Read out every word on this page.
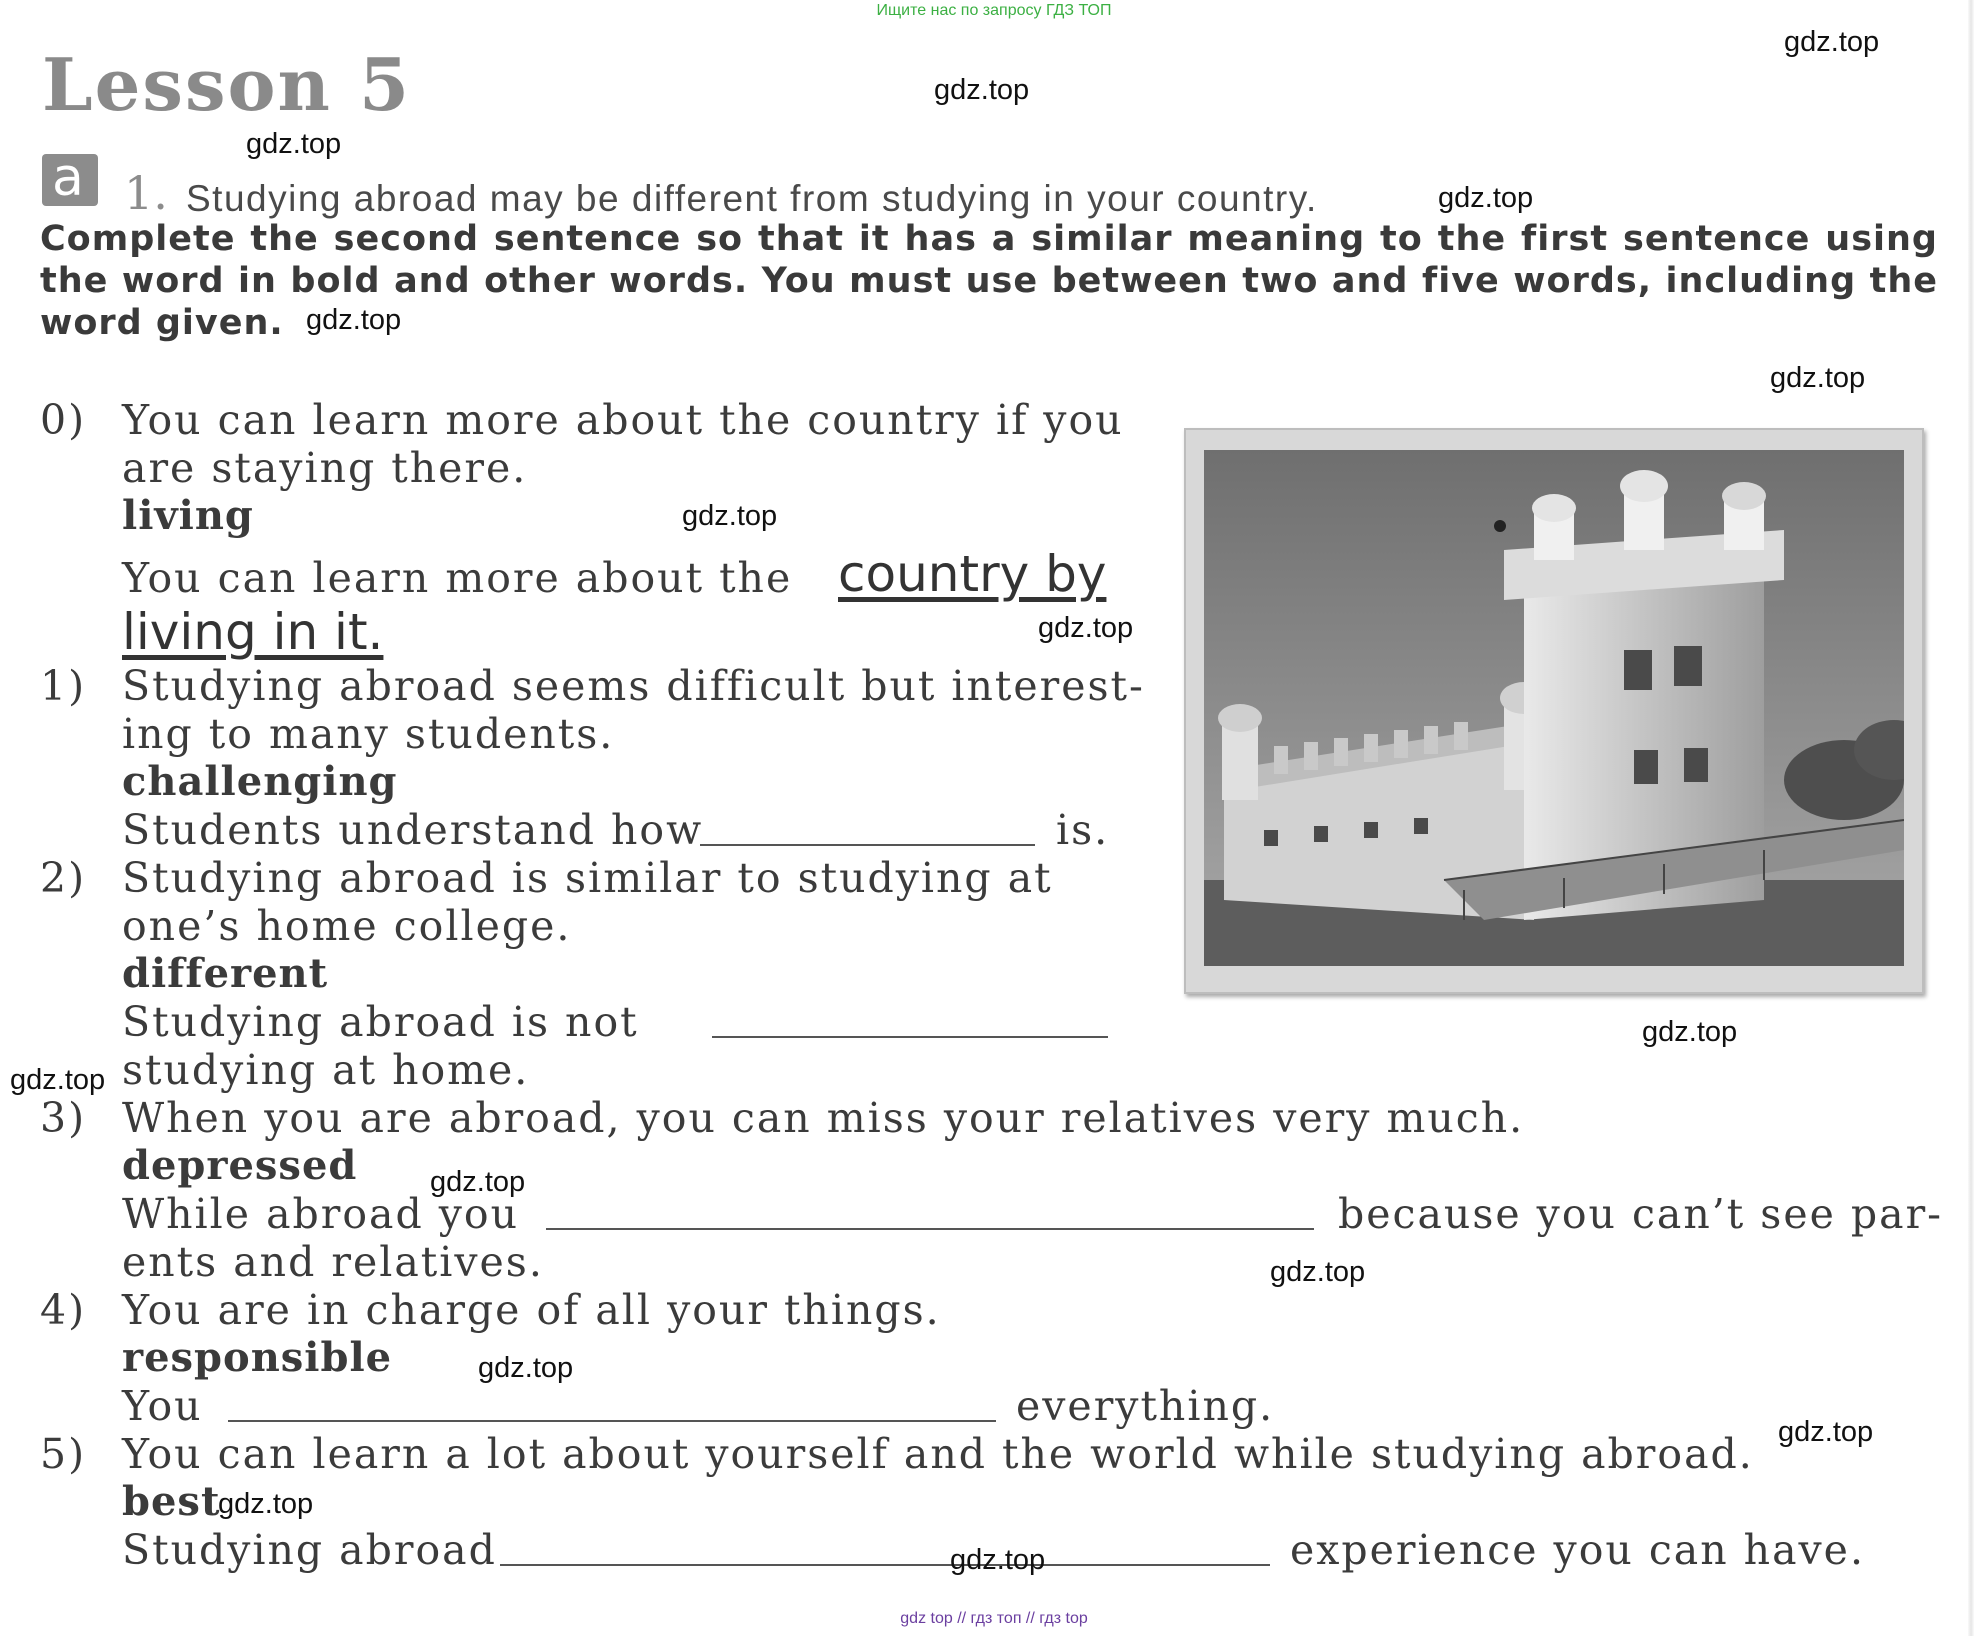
Ищите нас по запросу ГДЗ ТОП
gdz top // гдз топ // гдз top
Lesson 5
a 1. Studying abroad may be different from studying in your country.
Complete the second sentence so that it has a similar meaning to the first sentence using the word in bold and other words. You must use between two and five words, including the word given.
0) You can learn more about the country if you
are staying there.
living
You can learn more about the country by
living in it.
1) Studying abroad seems difficult but interest-
ing to many students.
challenging
Students understand how	is.
2) Studying abroad is similar to studying at
one’s home college.
different
Studying abroad is not
studying at home.
3) When you are abroad, you can miss your relatives very much.
depressed
While abroad you	because you can’t see par-
ents and relatives.
4) You are in charge of all your things.
responsible
You	everything.
5) You can learn a lot about yourself and the world while studying abroad.
best
Studying abroad	experience you can have.
gdz.top
gdz.top
gdz.top
gdz.top
gdz.top
gdz.top
gdz.top
gdz.top
gdz.top
gdz.top
gdz.top
gdz.top
gdz.top
gdz.top
gdz.top
gdz.top
